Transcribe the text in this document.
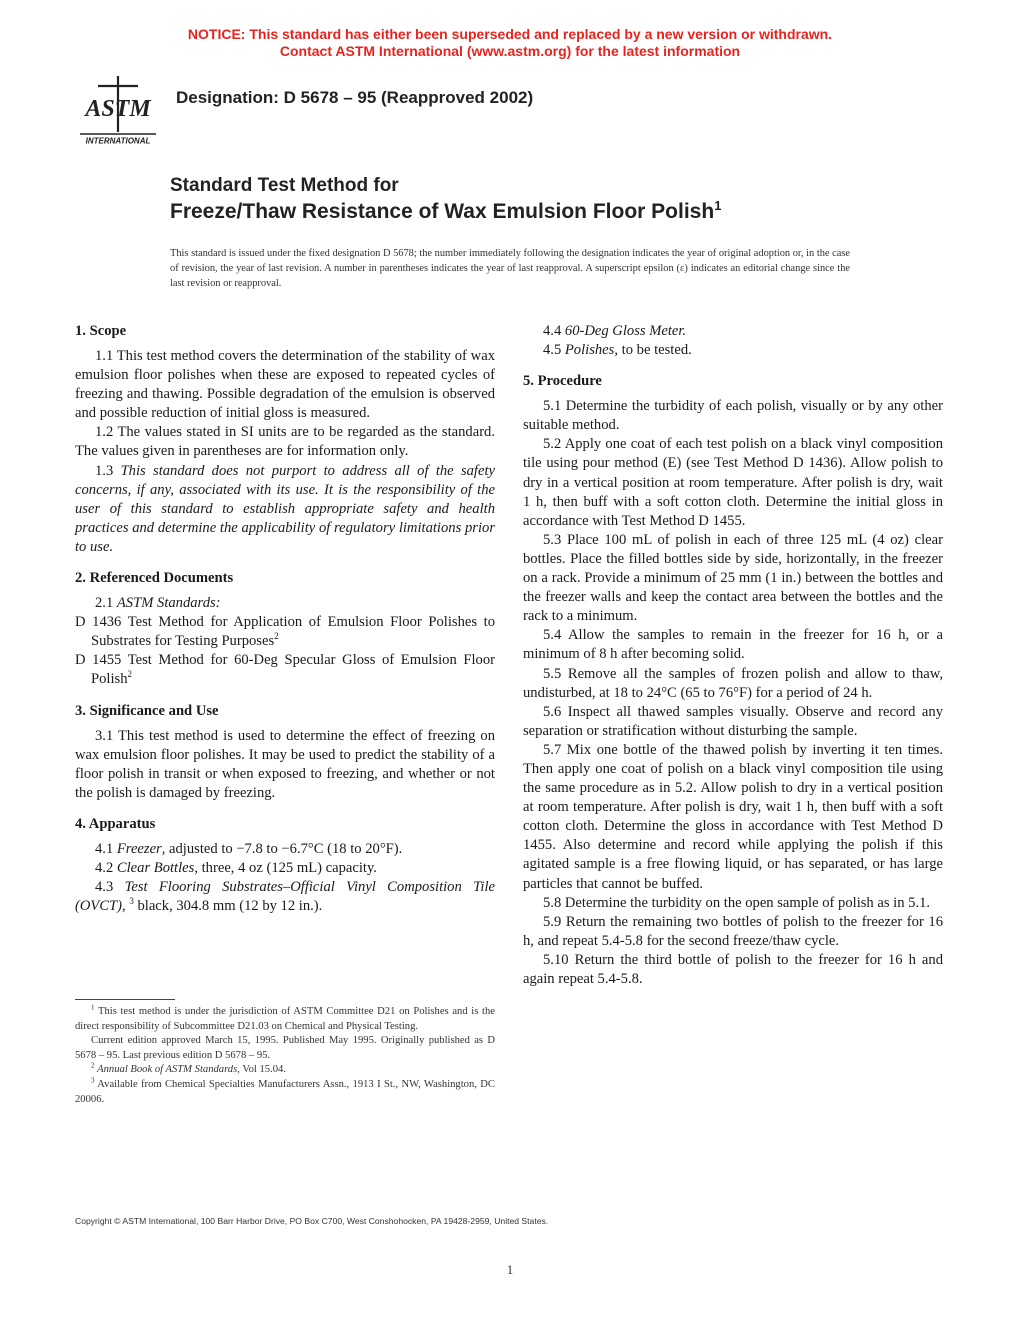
NOTICE: This standard has either been superseded and replaced by a new version or withdrawn.
Contact ASTM International (www.astm.org) for the latest information
ASTM
INTERNATIONAL
Designation: D 5678 – 95 (Reapproved 2002)
Standard Test Method for
Freeze/Thaw Resistance of Wax Emulsion Floor Polish$^1$
This standard is issued under the fixed designation D 5678; the number immediately following the designation indicates the year of original adoption or, in the case of revision, the year of last revision. A number in parentheses indicates the year of last reapproval. A superscript epsilon (ε) indicates an editorial change since the last revision or reapproval.
1. Scope

1.1 This test method covers the determination of the stability of wax emulsion floor polishes when these are exposed to repeated cycles of freezing and thawing. Possible degradation of the emulsion is observed and possible reduction of initial gloss is measured.

1.2 The values stated in SI units are to be regarded as the standard. The values given in parentheses are for information only.

1.3 This standard does not purport to address all of the safety concerns, if any, associated with its use. It is the responsibility of the user of this standard to establish appropriate safety and health practices and determine the applicability of regulatory limitations prior to use.

2. Referenced Documents

2.1 ASTM Standards:

D 1436 Test Method for Application of Emulsion Floor Polishes to Substrates for Testing Purposes$^2$

D 1455 Test Method for 60-Deg Specular Gloss of Emulsion Floor Polish$^2$

3. Significance and Use

3.1 This test method is used to determine the effect of freezing on wax emulsion floor polishes. It may be used to predict the stability of a floor polish in transit or when exposed to freezing, and whether or not the polish is damaged by freezing.

4. Apparatus

4.1 Freezer, adjusted to −7.8 to −6.7°C (18 to 20°F).

4.2 Clear Bottles, three, 4 oz (125 mL) capacity.

4.3 Test Flooring Substrates–Official Vinyl Composition Tile (OVCT), $^3$ black, 304.8 mm (12 by 12 in.).

4.4 60-Deg Gloss Meter.

4.5 Polishes, to be tested.

5. Procedure

5.1 Determine the turbidity of each polish, visually or by any other suitable method.

5.2 Apply one coat of each test polish on a black vinyl composition tile using pour method (E) (see Test Method D 1436). Allow polish to dry in a vertical position at room temperature. After polish is dry, wait 1 h, then buff with a soft cotton cloth. Determine the initial gloss in accordance with Test Method D 1455.

5.3 Place 100 mL of polish in each of three 125 mL (4 oz) clear bottles. Place the filled bottles side by side, horizontally, in the freezer on a rack. Provide a minimum of 25 mm (1 in.) between the bottles and the freezer walls and keep the contact area between the bottles and the rack to a minimum.

5.4 Allow the samples to remain in the freezer for 16 h, or a minimum of 8 h after becoming solid.

5.5 Remove all the samples of frozen polish and allow to thaw, undisturbed, at 18 to 24°C (65 to 76°F) for a period of 24 h.

5.6 Inspect all thawed samples visually. Observe and record any separation or stratification without disturbing the sample.

5.7 Mix one bottle of the thawed polish by inverting it ten times. Then apply one coat of polish on a black vinyl composition tile using the same procedure as in 5.2. Allow polish to dry in a vertical position at room temperature. After polish is dry, wait 1 h, then buff with a soft cotton cloth. Determine the gloss in accordance with Test Method D 1455. Also determine and record while applying the polish if this agitated sample is a free flowing liquid, or has separated, or has large particles that cannot be buffed.

5.8 Determine the turbidity on the open sample of polish as in 5.1.

5.9 Return the remaining two bottles of polish to the freezer for 16 h, and repeat 5.4-5.8 for the second freeze/thaw cycle.

5.10 Return the third bottle of polish to the freezer for 16 h and again repeat 5.4-5.8.

$^1$ This test method is under the jurisdiction of ASTM Committee D21 on Polishes and is the direct responsibility of Subcommittee D21.03 on Chemical and Physical Testing.

Current edition approved March 15, 1995. Published May 1995. Originally published as D 5678 – 95. Last previous edition D 5678 – 95.

$^2$ Annual Book of ASTM Standards, Vol 15.04.

$^3$ Available from Chemical Specialties Manufacturers Assn., 1913 I St., NW, Washington, DC 20006.

Copyright © ASTM International, 100 Barr Harbor Drive, PO Box C700, West Conshohocken, PA 19428-2959, United States.
1
